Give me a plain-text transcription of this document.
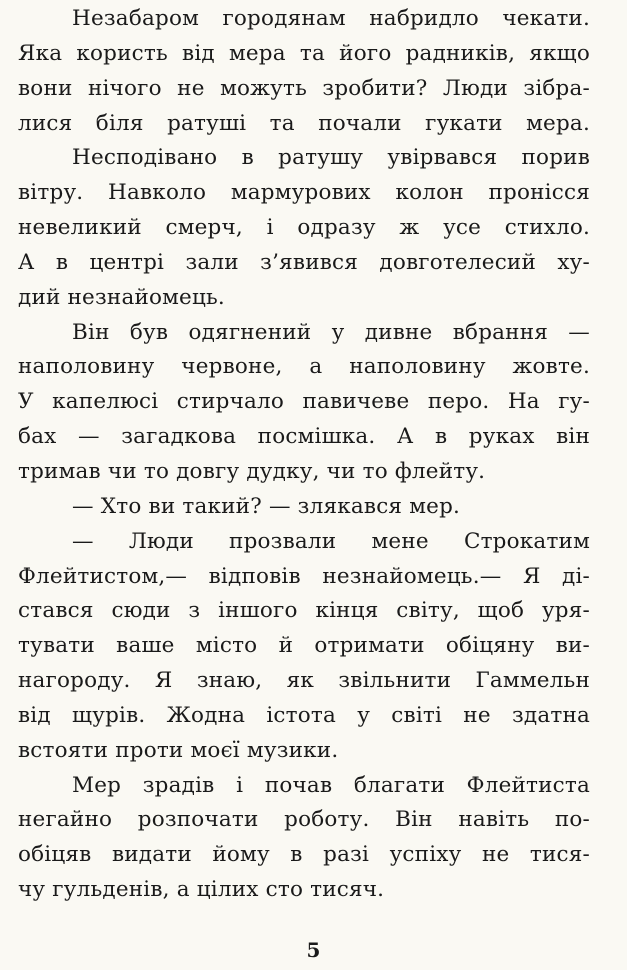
Незабаром городянам набридло чекати.
Яка користь від мера та його радників, якщо
вони нічого не можуть зробити? Люди зібра-
лися біля ратуші та почали гукати мера.
Несподівано в ратушу увірвався порив
вітру. Навколо мармурових колон пронісся
невеликий смерч, і одразу ж усе стихло.
А в центрі зали з’явився довготелесий ху-
дий незнайомець.
Він був одягнений у дивне вбрання —
наполовину червоне, а наполовину жовте.
У капелюсі стирчало павичеве перо. На гу-
бах — загадкова посмішка. А в руках він
тримав чи то довгу дудку, чи то флейту.
— Хто ви такий? — злякався мер.
— Люди прозвали мене Строкатим
Флейтистом,— відповів незнайомець.— Я ді-
стався сюди з іншого кінця світу, щоб уря-
тувати ваше місто й отримати обіцяну ви-
нагороду. Я знаю, як звільнити Гаммельн
від щурів. Жодна істота у світі не здатна
встояти проти моєї музики.
Мер зрадів і почав благати Флейтиста
негайно розпочати роботу. Він навіть по-
обіцяв видати йому в разі успіху не тися-
чу гульденів, а цілих сто тисяч.
5
